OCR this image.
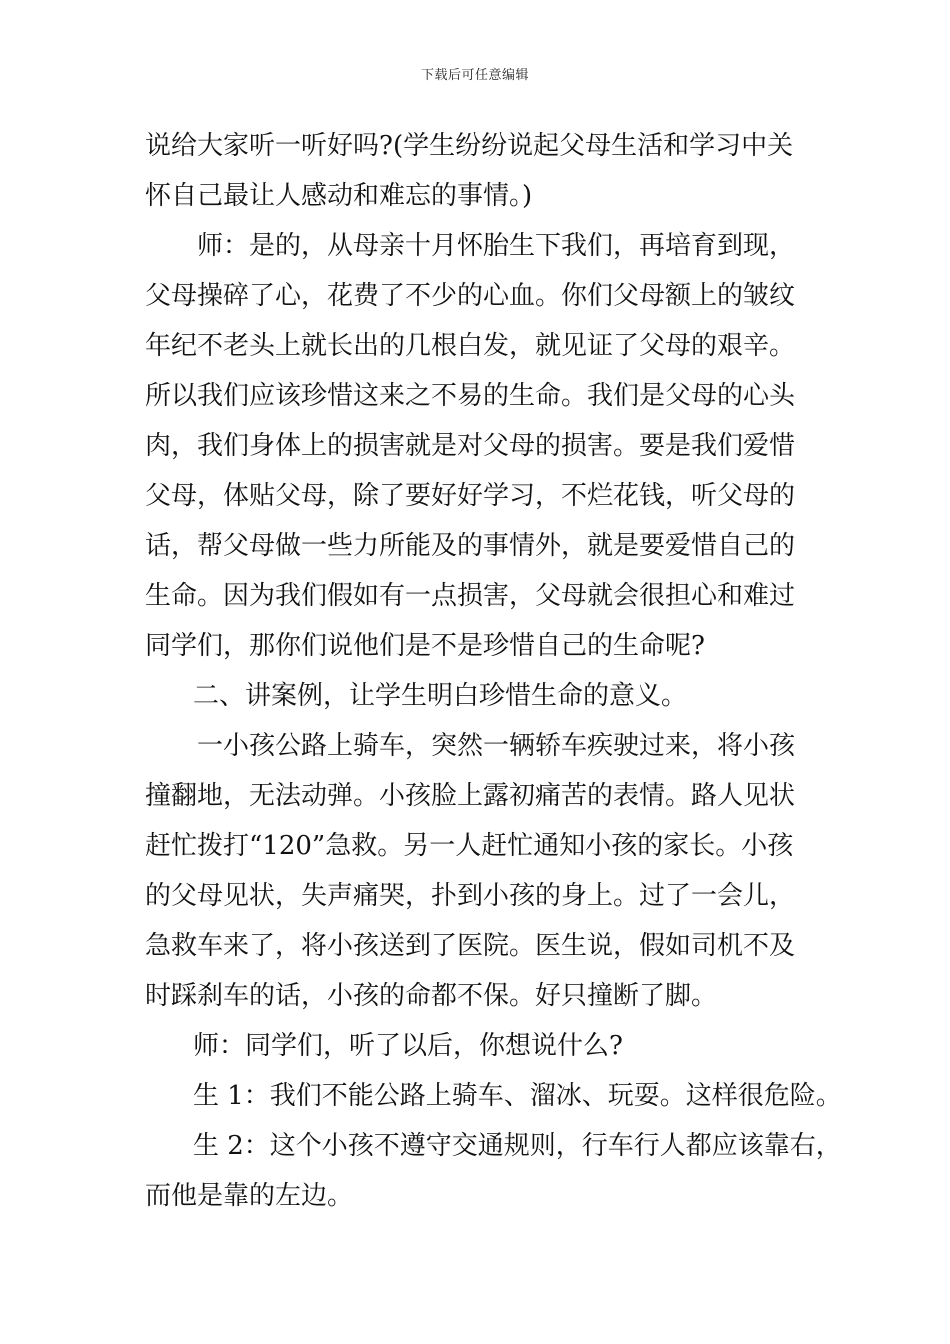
下载后可任意编辑
说给大家听一听好吗?(学生纷纷说起父母生活和学习中关
怀自己最让人感动和难忘的事情。)
师：是的，从母亲十月怀胎生下我们，再培育到现，
父母操碎了心，花费了不少的心血。你们父母额上的皱纹
年纪不老头上就长出的几根白发，就见证了父母的艰辛。
所以我们应该珍惜这来之不易的生命。我们是父母的心头
肉，我们身体上的损害就是对父母的损害。要是我们爱惜
父母，体贴父母，除了要好好学习，不烂花钱，听父母的
话，帮父母做一些力所能及的事情外，就是要爱惜自己的
生命。因为我们假如有一点损害，父母就会很担心和难过
同学们，那你们说他们是不是珍惜自己的生命呢?
二、讲案例，让学生明白珍惜生命的意义。
一小孩公路上骑车，突然一辆轿车疾驶过来，将小孩
撞翻地，无法动弹。小孩脸上露初痛苦的表情。路人见状
赶忙拨打“120”急救。另一人赶忙通知小孩的家长。小孩
的父母见状，失声痛哭，扑到小孩的身上。过了一会儿，
急救车来了，将小孩送到了医院。医生说，假如司机不及
时踩刹车的话，小孩的命都不保。好只撞断了脚。
师：同学们，听了以后，你想说什么?
生 1：我们不能公路上骑车、溜冰、玩耍。这样很危险。
生 2：这个小孩不遵守交通规则，行车行人都应该靠右，
而他是靠的左边。
